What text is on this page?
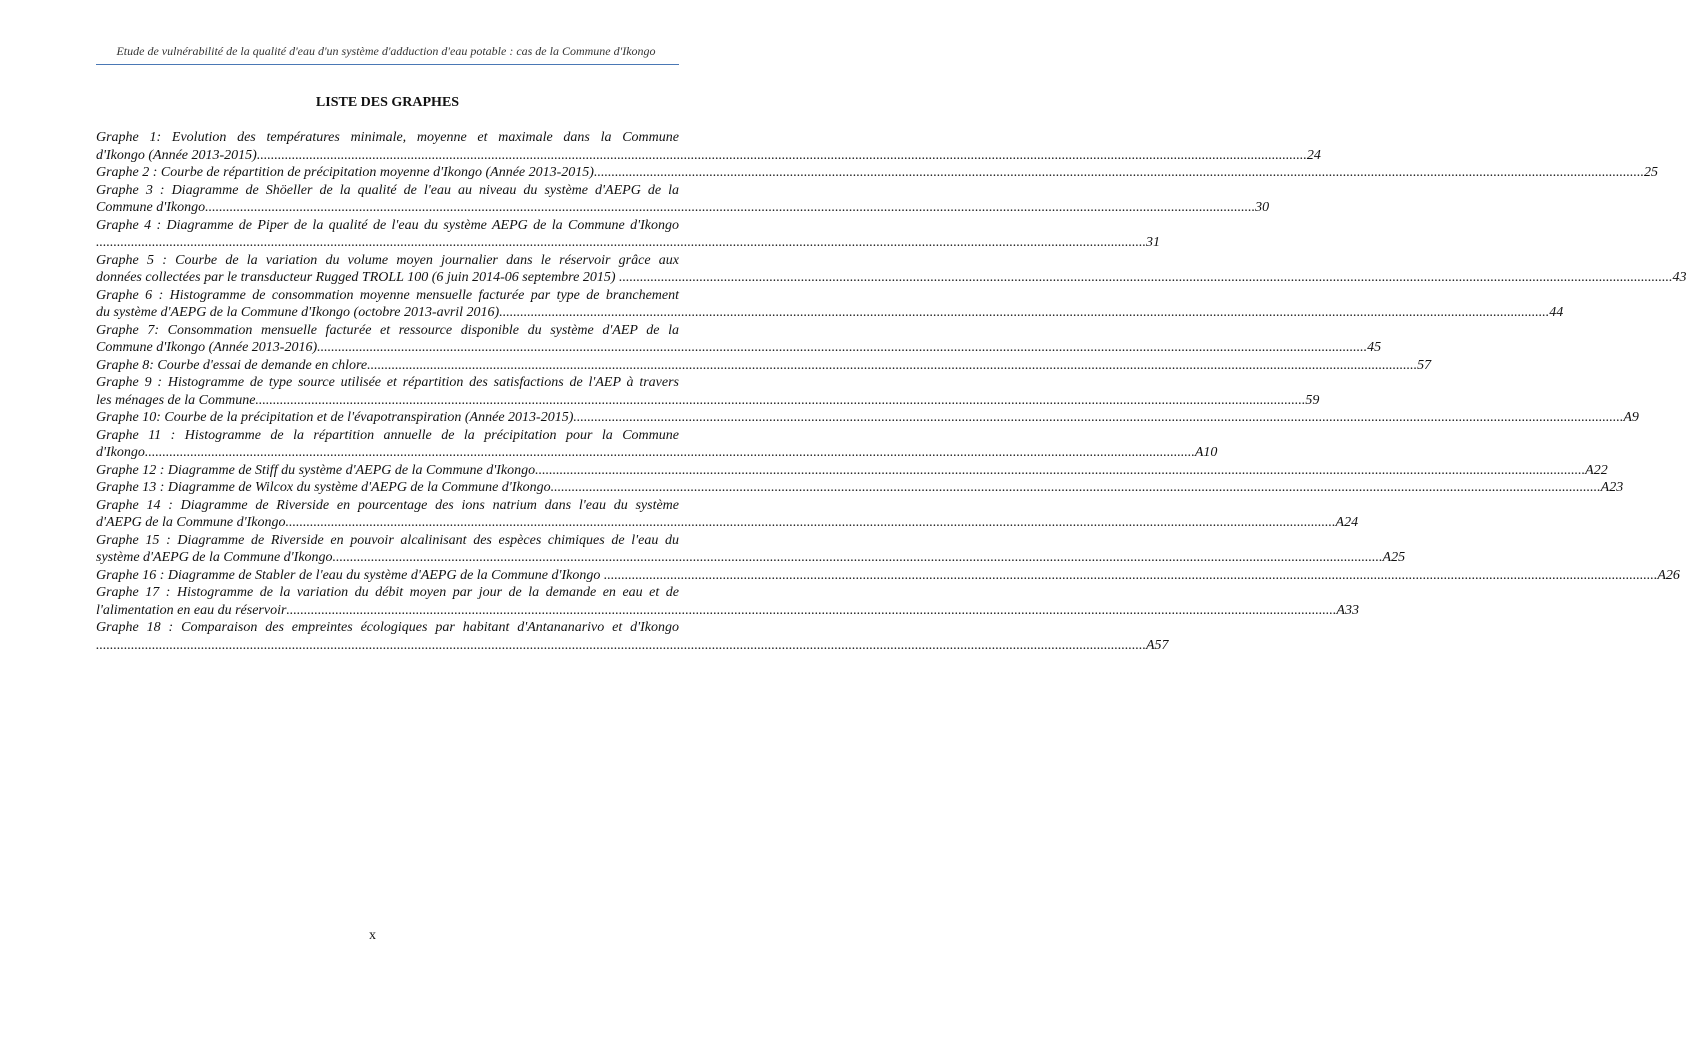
Etude de vulnérabilité de la qualité d'eau d'un système d'adduction d'eau potable : cas de la Commune d'Ikongo
LISTE DES GRAPHES
Graphe 1: Evolution des températures minimale, moyenne et maximale dans la Commune
d'Ikongo (Année 2013-2015) ............................................................................................................................................................................................................................................................................................................ 24
Graphe 2 : Courbe de répartition de précipitation moyenne d'Ikongo (Année 2013-2015) ............................................................................................................................................................................................................................................................................................................ 25
Graphe 3 : Diagramme de Shöeller de la qualité de l'eau au niveau du système d'AEPG de la
Commune d'Ikongo ............................................................................................................................................................................................................................................................................................................ 30
Graphe 4 : Diagramme de Piper de la qualité de l'eau du système AEPG de la Commune d'Ikongo
............................................................................................................................................................................................................................................................................................................ 31
Graphe 5 : Courbe de la variation du volume moyen journalier dans le réservoir grâce aux
données collectées par le transducteur Rugged TROLL 100 (6 juin 2014-06 septembre 2015) . ............................................................................................................................................................................................................................................................................................................ 43
Graphe 6 : Histogramme de consommation moyenne mensuelle facturée par type de branchement
du système d'AEPG de la Commune d'Ikongo (octobre 2013-avril 2016) ............................................................................................................................................................................................................................................................................................................ 44
Graphe 7: Consommation mensuelle facturée et ressource disponible du système d'AEP de la
Commune d'Ikongo (Année 2013-2016) ............................................................................................................................................................................................................................................................................................................ 45
Graphe 8: Courbe d'essai de demande en chlore ............................................................................................................................................................................................................................................................................................................ 57
Graphe 9 : Histogramme de type source utilisée et répartition des satisfactions de l'AEP à travers
les ménages de la Commune ............................................................................................................................................................................................................................................................................................................ 59
Graphe 10: Courbe de la précipitation et de l'évapotranspiration (Année 2013-2015) ............................................................................................................................................................................................................................................................................................................ A9
Graphe 11 : Histogramme de la répartition annuelle de la précipitation pour la Commune
d'Ikongo ............................................................................................................................................................................................................................................................................................................ A10
Graphe 12 : Diagramme de Stiff du système d'AEPG de la Commune d'Ikongo ............................................................................................................................................................................................................................................................................................................ A22
Graphe 13 : Diagramme de Wilcox du système d'AEPG de la Commune d'Ikongo ............................................................................................................................................................................................................................................................................................................ A23
Graphe 14 : Diagramme de Riverside en pourcentage des ions natrium dans l'eau du système
d'AEPG de la Commune d'Ikongo ............................................................................................................................................................................................................................................................................................................ A24
Graphe 15 : Diagramme de Riverside en pouvoir alcalinisant des espèces chimiques de l'eau du
système d'AEPG de la Commune d'Ikongo ............................................................................................................................................................................................................................................................................................................ A25
Graphe 16 : Diagramme de Stabler de l'eau du système d'AEPG de la Commune d'Ikongo . ............................................................................................................................................................................................................................................................................................................ A26
Graphe 17 : Histogramme de la variation du débit moyen par jour de la demande en eau et de
l'alimentation en eau du réservoir ............................................................................................................................................................................................................................................................................................................ A33
Graphe 18 : Comparaison des empreintes écologiques par habitant d'Antananarivo et d'Ikongo
............................................................................................................................................................................................................................................................................................................ A57
x
